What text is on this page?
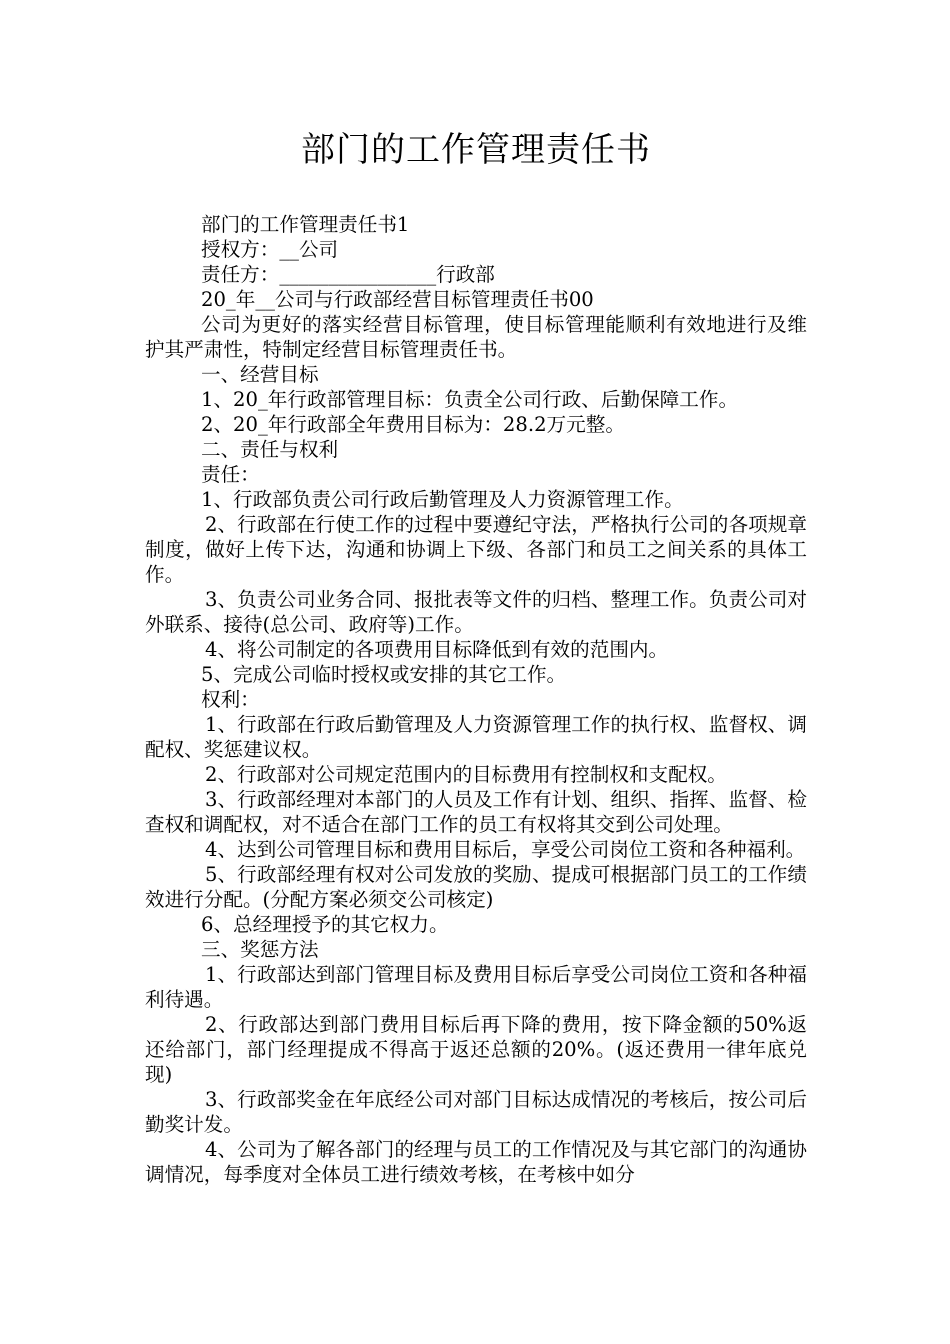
部门的工作管理责任书

部门的工作管理责任书1

授权方：__公司

责任方：________________行政部

20_年__公司与行政部经营目标管理责任书00

公司为更好的落实经营目标管理，使目标管理能顺利有效地进行及维护其严肃性，特制定经营目标管理责任书。

一、经营目标

1、20_年行政部管理目标：负责全公司行政、后勤保障工作。

2、20_年行政部全年费用目标为：28.2万元整。

二、责任与权利

责任：

1、行政部负责公司行政后勤管理及人力资源管理工作。

2、行政部在行使工作的过程中要遵纪守法，严格执行公司的各项规章制度，做好上传下达，沟通和协调上下级、各部门和员工之间关系的具体工作。

3、负责公司业务合同、报批表等文件的归档、整理工作。负责公司对外联系、接待(总公司、政府等)工作。

4、将公司制定的各项费用目标降低到有效的范围内。

5、完成公司临时授权或安排的其它工作。

权利：

1、行政部在行政后勤管理及人力资源管理工作的执行权、监督权、调配权、奖惩建议权。

2、行政部对公司规定范围内的目标费用有控制权和支配权。

3、行政部经理对本部门的人员及工作有计划、组织、指挥、监督、检查权和调配权，对不适合在部门工作的员工有权将其交到公司处理。

4、达到公司管理目标和费用目标后，享受公司岗位工资和各种福利。

5、行政部经理有权对公司发放的奖励、提成可根据部门员工的工作绩效进行分配。(分配方案必须交公司核定)

6、总经理授予的其它权力。

三、奖惩方法

1、行政部达到部门管理目标及费用目标后享受公司岗位工资和各种福利待遇。

2、行政部达到部门费用目标后再下降的费用，按下降金额的50%返还给部门，部门经理提成不得高于返还总额的20%。(返还费用一律年底兑现)

3、行政部奖金在年底经公司对部门目标达成情况的考核后，按公司后勤奖计发。

4、公司为了解各部门的经理与员工的工作情况及与其它部门的沟通协调情况，每季度对全体员工进行绩效考核，在考核中如分
